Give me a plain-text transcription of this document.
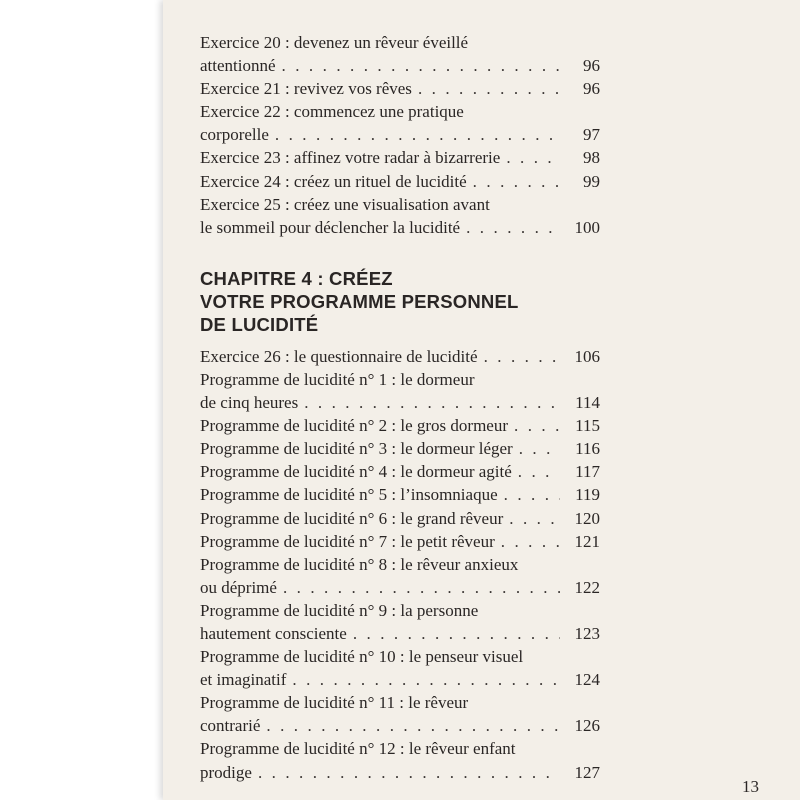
Exercice 20 : devenez un rêveur éveillé
attentionné . . .	96
Exercice 21 : revivez vos rêves . . .	96
Exercice 22 : commencez une pratique
corporelle . . .	97
Exercice 23 : affinez votre radar à bizarrerie . . .	98
Exercice 24 : créez un rituel de lucidité . . .	99
Exercice 25 : créez une visualisation avant
le sommeil pour déclencher la lucidité . . .	100
CHAPITRE 4 : CRÉEZ
VOTRE PROGRAMME PERSONNEL
DE LUCIDITÉ
Exercice 26 : le questionnaire de lucidité . . .	106
Programme de lucidité n° 1 : le dormeur
de cinq heures . . .	114
Programme de lucidité n° 2 : le gros dormeur . . .	115
Programme de lucidité n° 3 : le dormeur léger . . .	116
Programme de lucidité n° 4 : le dormeur agité . . .	117
Programme de lucidité n° 5 : l’insomniaque . . .	119
Programme de lucidité n° 6 : le grand rêveur . . .	120
Programme de lucidité n° 7 : le petit rêveur . . .	121
Programme de lucidité n° 8 : le rêveur anxieux
ou déprimé . . .	122
Programme de lucidité n° 9 : la personne
hautement consciente . . .	123
Programme de lucidité n° 10 : le penseur visuel
et imaginatif . . .	124
Programme de lucidité n° 11 : le rêveur
contrarié . . .	126
Programme de lucidité n° 12 : le rêveur enfant
prodige . . .	127
13
